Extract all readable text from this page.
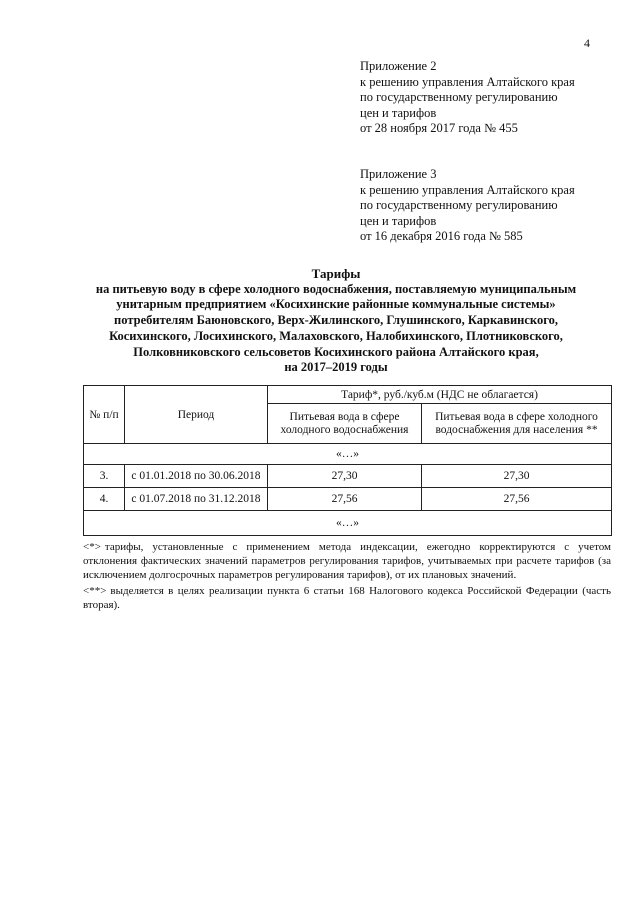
4
Приложение 2
к решению управления Алтайского края
по государственному регулированию
цен и тарифов
от 28 ноября 2017 года № 455
Приложение 3
к решению управления Алтайского края
по государственному регулированию
цен и тарифов
от 16 декабря 2016 года № 585
Тарифы
на питьевую воду в сфере холодного водоснабжения, поставляемую муниципальным
унитарным предприятием «Косихинские районные коммунальные системы»
потребителям Баюновского, Верх-Жилинского, Глушинского, Каркавинского,
Косихинского, Лосихинского, Малаховского, Налобихинского, Плотниковского,
Полковниковского сельсоветов Косихинского района Алтайского края,
на 2017–2019 годы
№ п/п	Период	Тариф*, руб./куб.м (НДС не облагается)	
		Питьевая вода в сфере холодного водоснабжения	Питьевая вода в сфере холодного водоснабжения для населения **
«…»			
3.	с 01.01.2018 по 30.06.2018	27,30	27,30
4.	с 01.07.2018 по 31.12.2018	27,56	27,56
«…»			

<*> тарифы, установленные с применением метода индексации, ежегодно корректируются с учетом отклонения фактических значений параметров регулирования тарифов, учитываемых при расчете тарифов (за исключением долгосрочных параметров регулирования тарифов), от их плановых значений.

<**> выделяется в целях реализации пункта 6 статьи 168 Налогового кодекса Российской Федерации (часть вторая).
